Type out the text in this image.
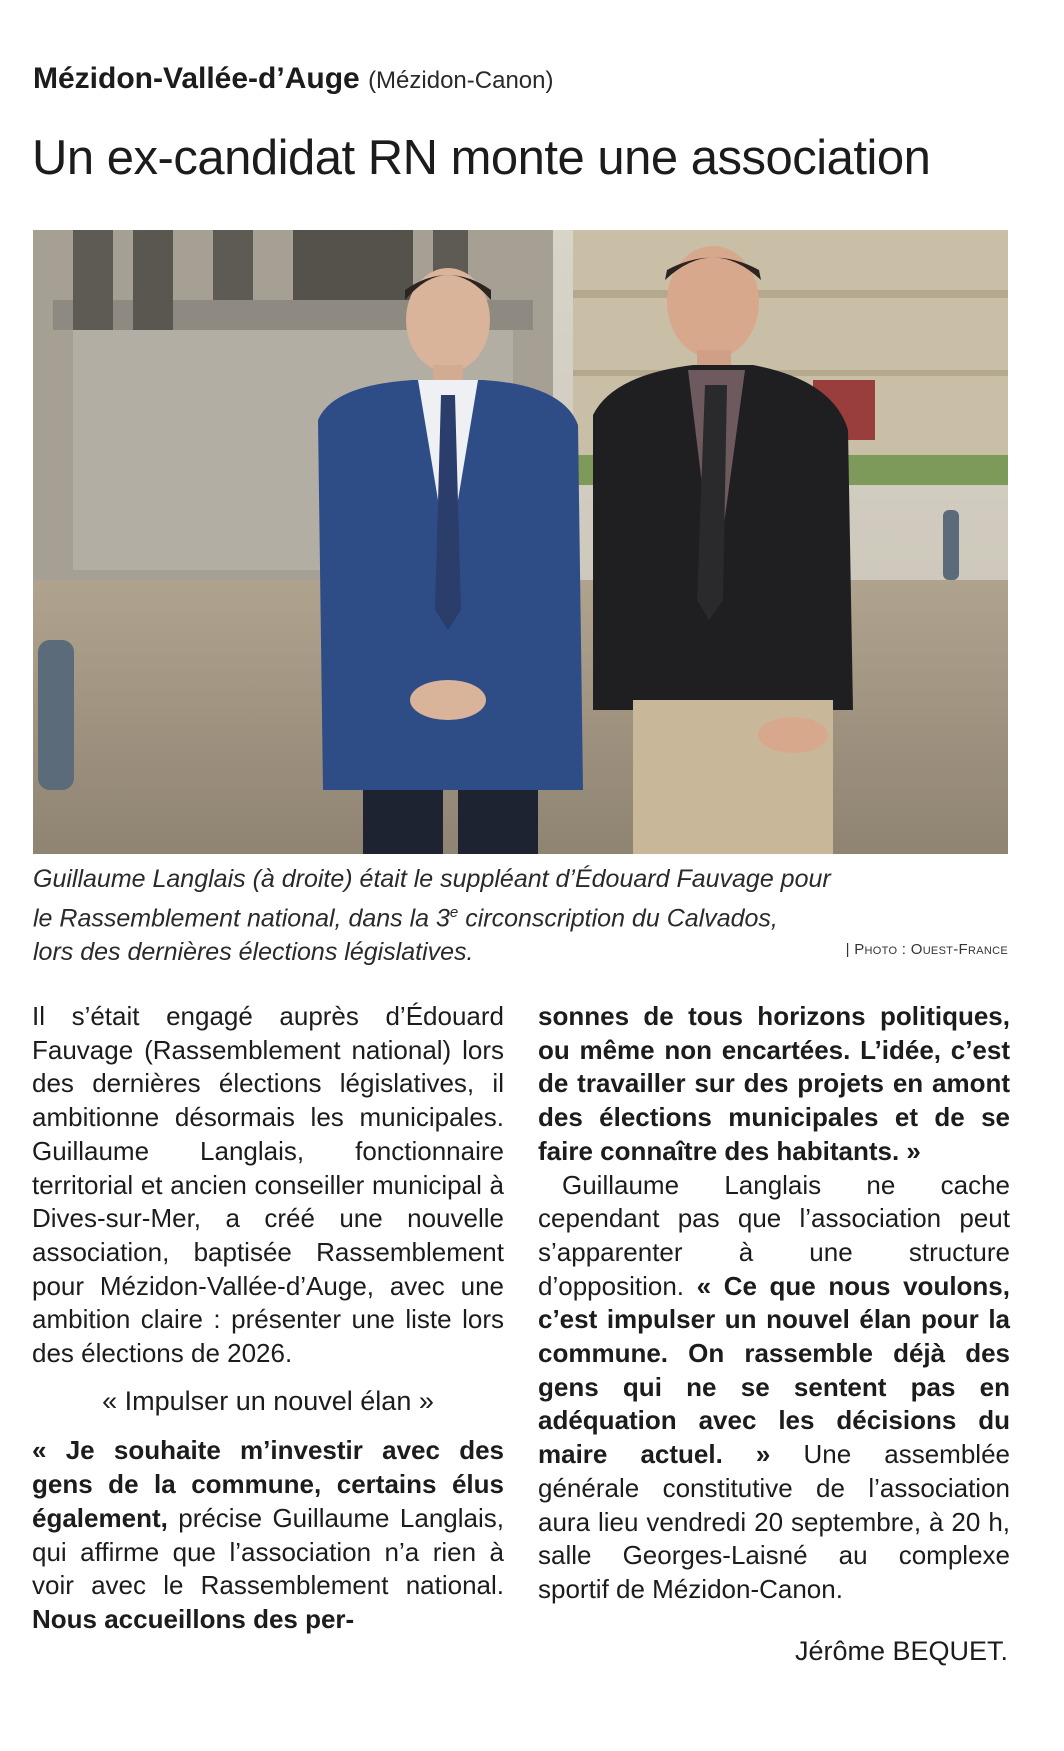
Mézidon-Vallée-d’Auge (Mézidon-Canon)
Un ex-candidat RN monte une association
Guillaume Langlais (à droite) était le suppléant d’Édouard Fauvage pour
le Rassemblement national, dans la 3e circonscription du Calvados,
lors des dernières élections législatives.	| Photo : Ouest-France

Il s’était engagé auprès d’Édouard Fauvage (Rassemblement national) lors des dernières élections législatives, il ambitionne désormais les municipales. Guillaume Langlais, fonctionnaire territorial et ancien conseiller municipal à Dives-sur-Mer, a créé une nouvelle association, baptisée Rassemblement pour Mézidon-Vallée-d’Auge, avec une ambition claire : présenter une liste lors des élections de 2026.

« Impulser un nouvel élan »

« Je souhaite m’investir avec des gens de la commune, certains élus également, précise Guillaume Langlais, qui affirme que l’association n’a rien à voir avec le Rassemblement national. Nous accueillons des per-

sonnes de tous horizons politiques, ou même non encartées. L’idée, c’est de travailler sur des projets en amont des élections municipales et de se faire connaître des habitants. »

Guillaume Langlais ne cache cependant pas que l’association peut s’apparenter à une structure d’opposition. « Ce que nous voulons, c’est impulser un nouvel élan pour la commune. On rassemble déjà des gens qui ne se sentent pas en adéquation avec les décisions du maire actuel. » Une assemblée générale constitutive de l’association aura lieu vendredi 20 septembre, à 20 h, salle Georges-Laisné au complexe sportif de Mézidon-Canon.

Jérôme BEQUET.
